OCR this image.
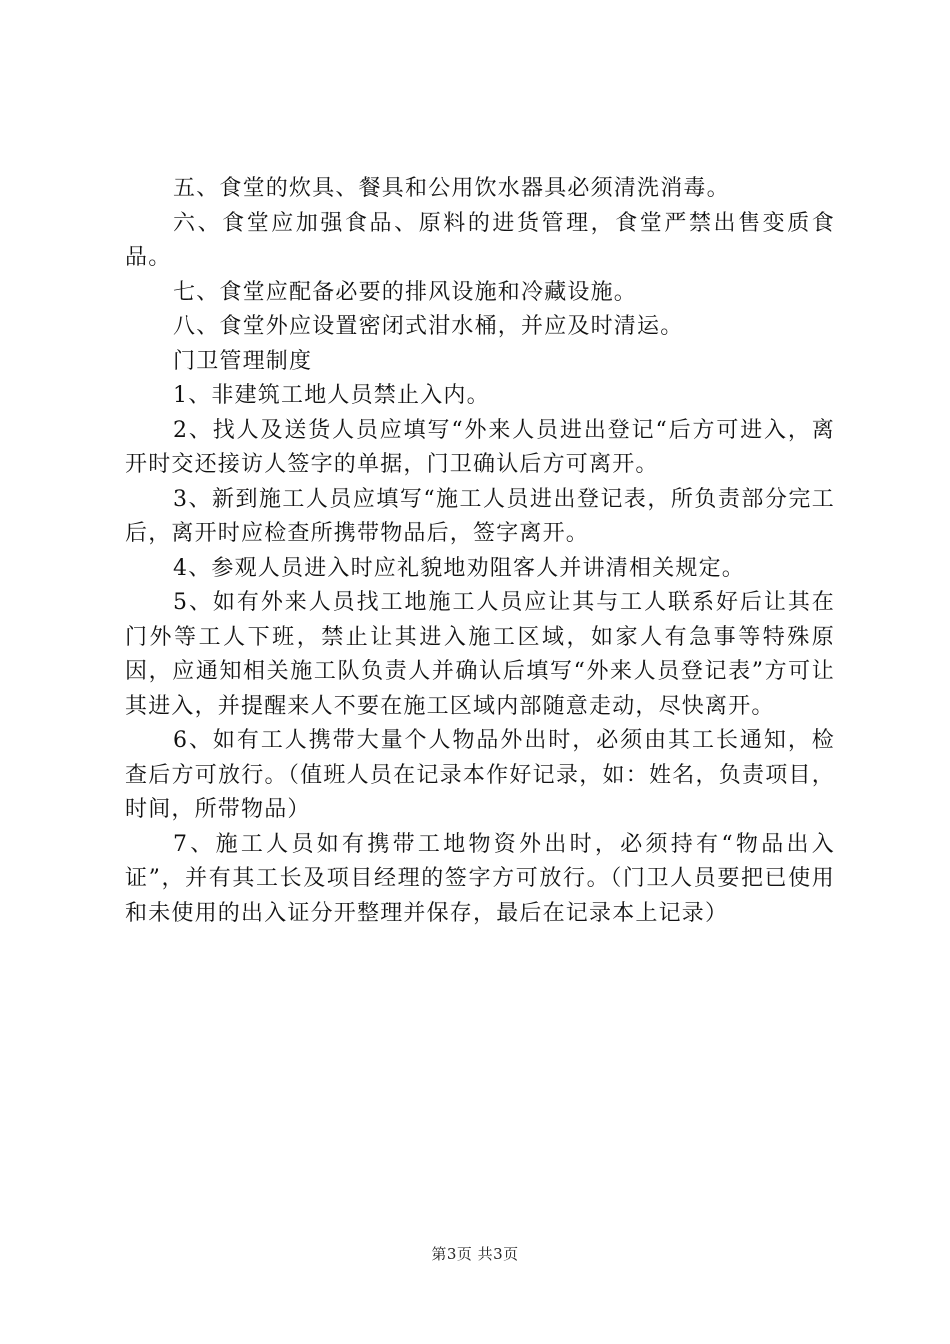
五、食堂的炊具、餐具和公用饮水器具必须清洗消毒。

六、食堂应加强食品、原料的进货管理，食堂严禁出售变质食品。

七、食堂应配备必要的排风设施和冷藏设施。

八、食堂外应设置密闭式泔水桶，并应及时清运。

门卫管理制度

1、非建筑工地人员禁止入内。

2、找人及送货人员应填写“外来人员进出登记“后方可进入，离开时交还接访人签字的单据，门卫确认后方可离开。

3、新到施工人员应填写“施工人员进出登记表，所负责部分完工后，离开时应检查所携带物品后，签字离开。

4、参观人员进入时应礼貌地劝阻客人并讲清相关规定。

5、如有外来人员找工地施工人员应让其与工人联系好后让其在门外等工人下班，禁止让其进入施工区域，如家人有急事等特殊原因，应通知相关施工队负责人并确认后填写“外来人员登记表”方可让其进入，并提醒来人不要在施工区域内部随意走动，尽快离开。

6、如有工人携带大量个人物品外出时，必须由其工长通知，检查后方可放行。（值班人员在记录本作好记录，如：姓名，负责项目，时间，所带物品）

7、施工人员如有携带工地物资外出时，必须持有“物品出入证”，并有其工长及项目经理的签字方可放行。（门卫人员要把已使用和未使用的出入证分开整理并保存，最后在记录本上记录）

第3页 共3页
